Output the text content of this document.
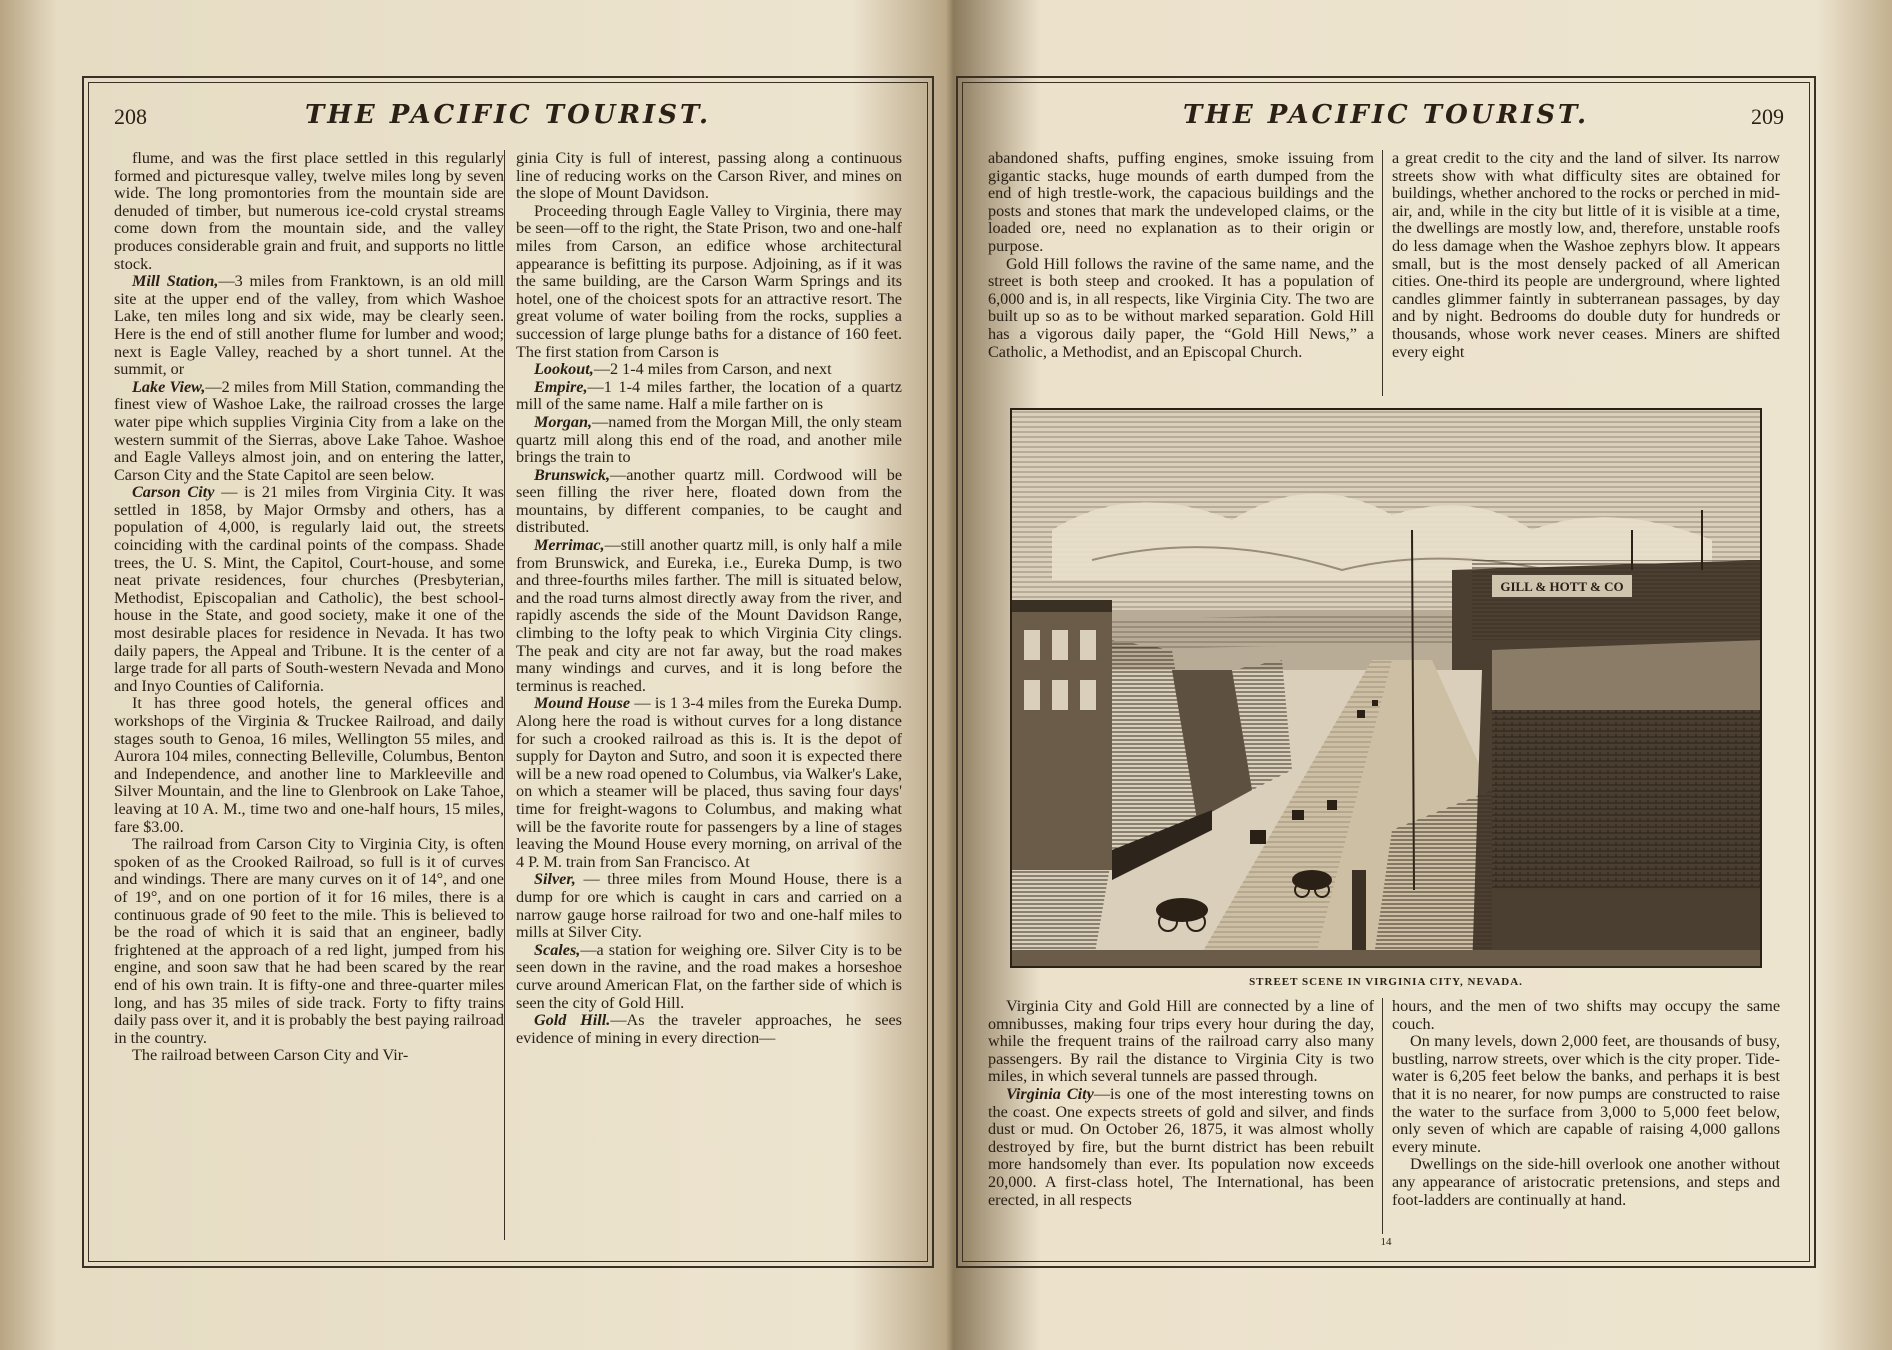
208	THE PACIFIC TOURIST.

flume, and was the first place settled in this regularly formed and picturesque valley, twelve miles long by seven wide. The long promontories from the mountain side are denuded of timber, but numerous ice-cold crystal streams come down from the mountain side, and the valley produces considerable grain and fruit, and supports no little stock.

Mill Station,—3 miles from Franktown, is an old mill site at the upper end of the valley, from which Washoe Lake, ten miles long and six wide, may be clearly seen. Here is the end of still another flume for lumber and wood; next is Eagle Valley, reached by a short tunnel. At the summit, or

Lake View,—2 miles from Mill Station, commanding the finest view of Washoe Lake, the railroad crosses the large water pipe which supplies Virginia City from a lake on the western summit of the Sierras, above Lake Tahoe. Washoe and Eagle Valleys almost join, and on entering the latter, Carson City and the State Capitol are seen below.

Carson City — is 21 miles from Virginia City. It was settled in 1858, by Major Ormsby and others, has a population of 4,000, is regularly laid out, the streets coinciding with the cardinal points of the compass. Shade trees, the U. S. Mint, the Capitol, Court-house, and some neat private residences, four churches (Presbyterian, Methodist, Episcopalian and Catholic), the best school-house in the State, and good society, make it one of the most desirable places for residence in Nevada. It has two daily papers, the Appeal and Tribune. It is the center of a large trade for all parts of South-western Nevada and Mono and Inyo Counties of California.

It has three good hotels, the general offices and workshops of the Virginia & Truckee Railroad, and daily stages south to Genoa, 16 miles, Wellington 55 miles, and Aurora 104 miles, connecting Belleville, Columbus, Benton and Independence, and another line to Markleeville and Silver Mountain, and the line to Glenbrook on Lake Tahoe, leaving at 10 A. M., time two and one-half hours, 15 miles, fare $3.00.

The railroad from Carson City to Virginia City, is often spoken of as the Crooked Railroad, so full is it of curves and windings. There are many curves on it of 14°, and one of 19°, and on one portion of it for 16 miles, there is a continuous grade of 90 feet to the mile. This is believed to be the road of which it is said that an engineer, badly frightened at the approach of a red light, jumped from his engine, and soon saw that he had been scared by the rear end of his own train. It is fifty-one and three-quarter miles long, and has 35 miles of side track. Forty to fifty trains daily pass over it, and it is probably the best paying railroad in the country.

The railroad between Carson City and Vir-

ginia City is full of interest, passing along a continuous line of reducing works on the Carson River, and mines on the slope of Mount Davidson.

Proceeding through Eagle Valley to Virginia, there may be seen—off to the right, the State Prison, two and one-half miles from Carson, an edifice whose architectural appearance is befitting its purpose. Adjoining, as if it was the same building, are the Carson Warm Springs and its hotel, one of the choicest spots for an attractive resort. The great volume of water boiling from the rocks, supplies a succession of large plunge baths for a distance of 160 feet. The first station from Carson is

Lookout,—2 1-4 miles from Carson, and next

Empire,—1 1-4 miles farther, the location of a quartz mill of the same name. Half a mile farther on is

Morgan,—named from the Morgan Mill, the only steam quartz mill along this end of the road, and another mile brings the train to

Brunswick,—another quartz mill. Cordwood will be seen filling the river here, floated down from the mountains, by different companies, to be caught and distributed.

Merrimac,—still another quartz mill, is only half a mile from Brunswick, and Eureka, i.e., Eureka Dump, is two and three-fourths miles farther. The mill is situated below, and the road turns almost directly away from the river, and rapidly ascends the side of the Mount Davidson Range, climbing to the lofty peak to which Virginia City clings. The peak and city are not far away, but the road makes many windings and curves, and it is long before the terminus is reached.

Mound House — is 1 3-4 miles from the Eureka Dump. Along here the road is without curves for a long distance for such a crooked railroad as this is. It is the depot of supply for Dayton and Sutro, and soon it is expected there will be a new road opened to Columbus, via Walker's Lake, on which a steamer will be placed, thus saving four days' time for freight-wagons to Columbus, and making what will be the favorite route for passengers by a line of stages leaving the Mound House every morning, on arrival of the 4 P. M. train from San Francisco. At

Silver, — three miles from Mound House, there is a dump for ore which is caught in cars and carried on a narrow gauge horse railroad for two and one-half miles to mills at Silver City.

Scales,—a station for weighing ore. Silver City is to be seen down in the ravine, and the road makes a horseshoe curve around American Flat, on the farther side of which is seen the city of Gold Hill.

Gold Hill.—As the traveler approaches, he sees evidence of mining in every direction—

THE PACIFIC TOURIST.	209

abandoned shafts, puffing engines, smoke issuing from gigantic stacks, huge mounds of earth dumped from the end of high trestle-work, the capacious buildings and the posts and stones that mark the undeveloped claims, or the loaded ore, need no explanation as to their origin or purpose.

Gold Hill follows the ravine of the same name, and the street is both steep and crooked. It has a population of 6,000 and is, in all respects, like Virginia City. The two are built up so as to be without marked separation. Gold Hill has a vigorous daily paper, the “Gold Hill News,” a Catholic, a Methodist, and an Episcopal Church.

a great credit to the city and the land of silver. Its narrow streets show with what difficulty sites are obtained for buildings, whether anchored to the rocks or perched in mid-air, and, while in the city but little of it is visible at a time, the dwellings are mostly low, and, therefore, unstable roofs do less damage when the Washoe zephyrs blow. It appears small, but is the most densely packed of all American cities. One-third its people are underground, where lighted candles glimmer faintly in subterranean passages, by day and by night. Bedrooms do double duty for hundreds or thousands, whose work never ceases. Miners are shifted every eight

GILL & HOTT & CO
STREET SCENE IN VIRGINIA CITY, NEVADA.

Virginia City and Gold Hill are connected by a line of omnibusses, making four trips every hour during the day, while the frequent trains of the railroad carry also many passengers. By rail the distance to Virginia City is two miles, in which several tunnels are passed through.

Virginia City—is one of the most interesting towns on the coast. One expects streets of gold and silver, and finds dust or mud. On October 26, 1875, it was almost wholly destroyed by fire, but the burnt district has been rebuilt more handsomely than ever. Its population now exceeds 20,000. A first-class hotel, The International, has been erected, in all respects

hours, and the men of two shifts may occupy the same couch.

On many levels, down 2,000 feet, are thousands of busy, bustling, narrow streets, over which is the city proper. Tide-water is 6,205 feet below the banks, and perhaps it is best that it is no nearer, for now pumps are constructed to raise the water to the surface from 3,000 to 5,000 feet below, only seven of which are capable of raising 4,000 gallons every minute.

Dwellings on the side-hill overlook one another without any appearance of aristocratic pretensions, and steps and foot-ladders are continually at hand.

14
